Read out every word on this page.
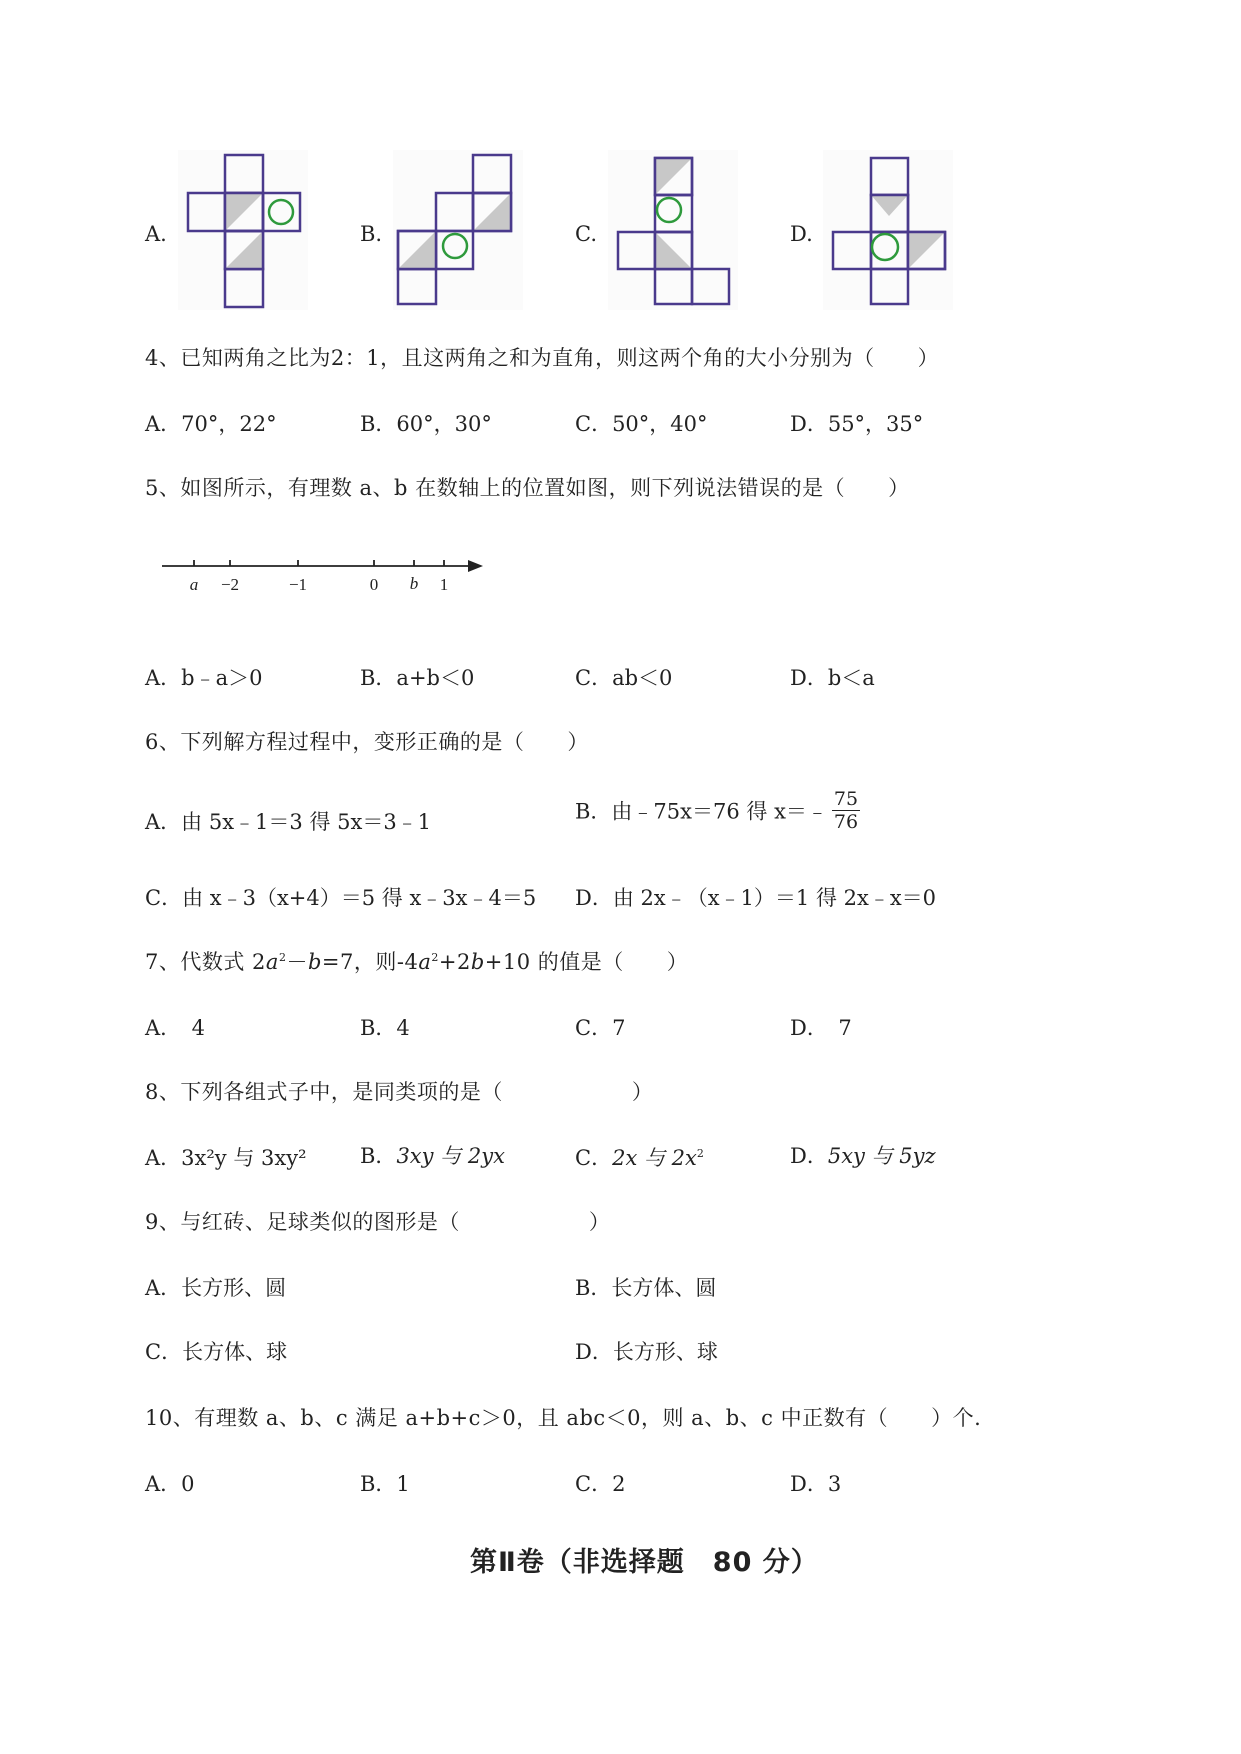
A.	B.	C.	D.
4、已知两角之比为2：1，且这两角之和为直角，则这两个角的大小分别为（　　）
A．70°，22°	B．60°，30°	C．50°，40°	D．55°，35°
5、如图所示，有理数 a、b 在数轴上的位置如图，则下列说法错误的是（　　）
a −2	−1	0 b 1
A．b﹣a＞0	B．a+b＜0	C．ab＜0	D．b＜a
6、下列解方程过程中，变形正确的是（　　）
A．由 5x﹣1＝3 得 5x＝3﹣1	B．由﹣75x＝76 得 x＝﹣ $\frac{75}{76}$
C．由 x﹣3（x+4）＝5 得 x﹣3x﹣4＝5 D．由 2x﹣（x﹣1）＝1 得 2x﹣x＝0
7、代数式 $2a^2-b=7$，则$-4a^2+2b+10$ 的值是（　　）
A．　4	B．4	C．7	D．　7
8、下列各组式子中，是同类项的是（　　　　　　）
A．3x²y 与 3xy²	B．3xy 与 2yx	C．2x 与 $2x^2$	D．5xy 与 5yz
9、与红砖、足球类似的图形是（　　　　　　）
A．长方形、圆	B．长方体、圆
C．长方体、球	D．长方形、球
10、有理数 a、b、c 满足 a+b+c＞0，且 abc＜0，则 a、b、c 中正数有（　　）个.
A．0	B．1	C．2	D．3
第Ⅱ卷（非选择题　80 分）
